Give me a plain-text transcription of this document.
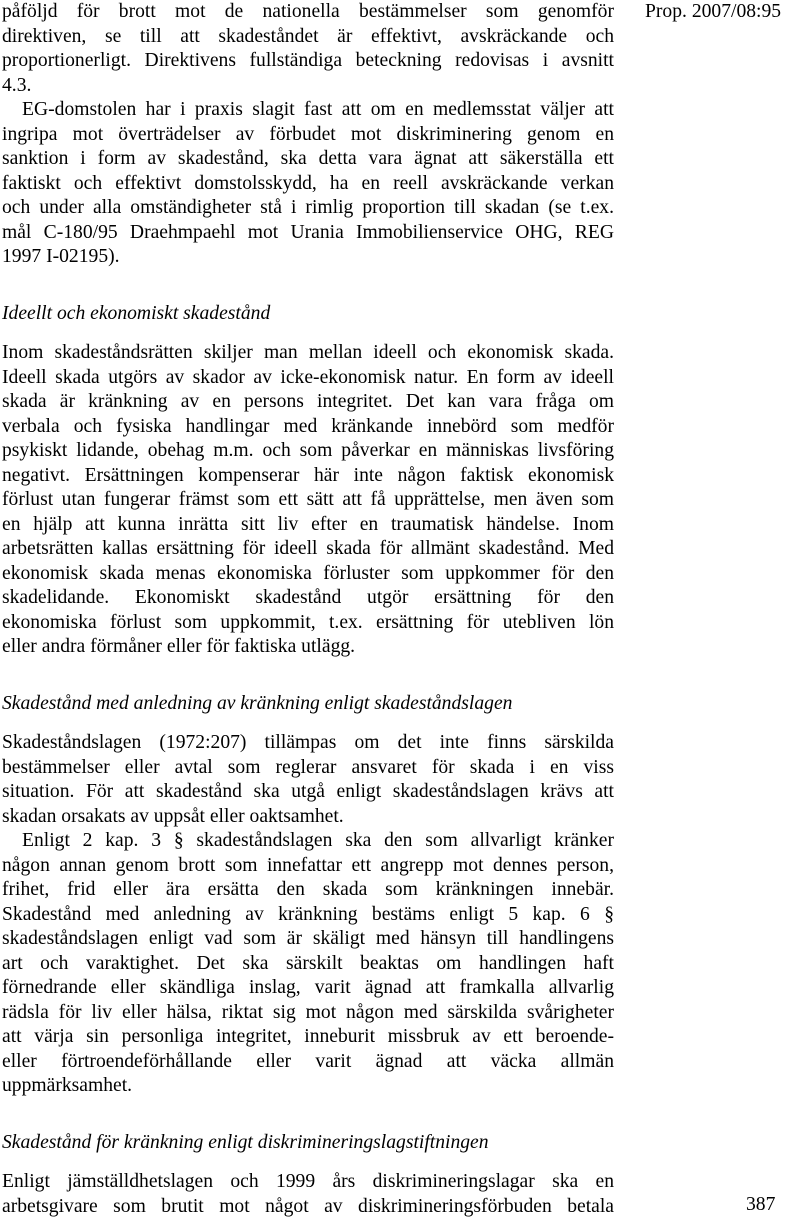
Prop. 2007/08:95
påföljd för brott mot de nationella bestämmelser som genomför
direktiven, se till att skadeståndet är effektivt, avskräckande och
proportionerligt. Direktivens fullständiga beteckning redovisas i avsnitt
4.3.
EG-domstolen har i praxis slagit fast att om en medlemsstat väljer att
ingripa mot överträdelser av förbudet mot diskriminering genom en
sanktion i form av skadestånd, ska detta vara ägnat att säkerställa ett
faktiskt och effektivt domstolsskydd, ha en reell avskräckande verkan
och under alla omständigheter stå i rimlig proportion till skadan (se t.ex.
mål C-180/95 Draehmpaehl mot Urania Immobilienservice OHG, REG
1997 I-02195).
Ideellt och ekonomiskt skadestånd
Inom skadeståndsrätten skiljer man mellan ideell och ekonomisk skada.
Ideell skada utgörs av skador av icke-ekonomisk natur. En form av ideell
skada är kränkning av en persons integritet. Det kan vara fråga om
verbala och fysiska handlingar med kränkande innebörd som medför
psykiskt lidande, obehag m.m. och som påverkar en människas livsföring
negativt. Ersättningen kompenserar här inte någon faktisk ekonomisk
förlust utan fungerar främst som ett sätt att få upprättelse, men även som
en hjälp att kunna inrätta sitt liv efter en traumatisk händelse. Inom
arbetsrätten kallas ersättning för ideell skada för allmänt skadestånd. Med
ekonomisk skada menas ekonomiska förluster som uppkommer för den
skadelidande. Ekonomiskt skadestånd utgör ersättning för den
ekonomiska förlust som uppkommit, t.ex. ersättning för utebliven lön
eller andra förmåner eller för faktiska utlägg.
Skadestånd med anledning av kränkning enligt skadeståndslagen
Skadeståndslagen (1972:207) tillämpas om det inte finns särskilda
bestämmelser eller avtal som reglerar ansvaret för skada i en viss
situation. För att skadestånd ska utgå enligt skadeståndslagen krävs att
skadan orsakats av uppsåt eller oaktsamhet.
Enligt 2 kap. 3 § skadeståndslagen ska den som allvarligt kränker
någon annan genom brott som innefattar ett angrepp mot dennes person,
frihet, frid eller ära ersätta den skada som kränkningen innebär.
Skadestånd med anledning av kränkning bestäms enligt 5 kap. 6 §
skadeståndslagen enligt vad som är skäligt med hänsyn till handlingens
art och varaktighet. Det ska särskilt beaktas om handlingen haft
förnedrande eller skändliga inslag, varit ägnad att framkalla allvarlig
rädsla för liv eller hälsa, riktat sig mot någon med särskilda svårigheter
att värja sin personliga integritet, inneburit missbruk av ett beroende-
eller förtroendeförhållande eller varit ägnad att väcka allmän
uppmärksamhet.
Skadestånd för kränkning enligt diskrimineringslagstiftningen
Enligt jämställdhetslagen och 1999 års diskrimineringslagar ska en
arbetsgivare som brutit mot något av diskrimineringsförbuden betala	387
